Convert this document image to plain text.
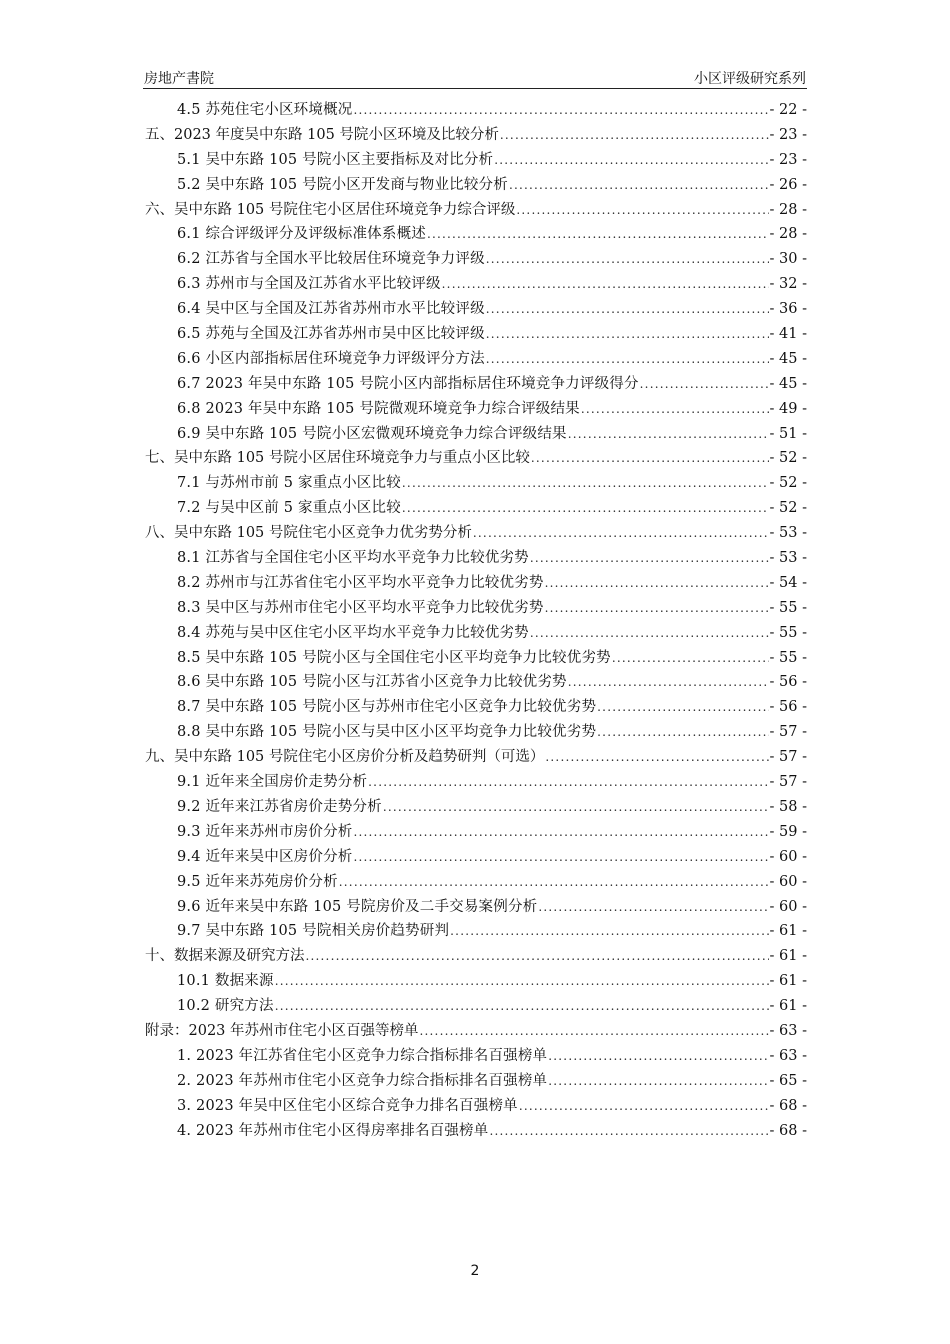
房地产書院	小区评级研究系列
4.5 苏苑住宅小区环境概况 .....	- 22 -
五、2023 年度吴中东路 105 号院小区环境及比较分析 .....	- 23 -
5.1 吴中东路 105 号院小区主要指标及对比分析 .....	- 23 -
5.2 吴中东路 105 号院小区开发商与物业比较分析 .....	- 26 -
六、吴中东路 105 号院住宅小区居住环境竞争力综合评级 .....	- 28 -
6.1 综合评级评分及评级标准体系概述 .....	- 28 -
6.2 江苏省与全国水平比较居住环境竞争力评级 .....	- 30 -
6.3 苏州市与全国及江苏省水平比较评级 .....	- 32 -
6.4 吴中区与全国及江苏省苏州市水平比较评级 .....	- 36 -
6.5 苏苑与全国及江苏省苏州市吴中区比较评级 .....	- 41 -
6.6 小区内部指标居住环境竞争力评级评分方法 .....	- 45 -
6.7 2023 年吴中东路 105 号院小区内部指标居住环境竞争力评级得分 .....	- 45 -
6.8 2023 年吴中东路 105 号院微观环境竞争力综合评级结果 .....	- 49 -
6.9 吴中东路 105 号院小区宏微观环境竞争力综合评级结果 .....	- 51 -
七、吴中东路 105 号院小区居住环境竞争力与重点小区比较 .....	- 52 -
7.1 与苏州市前 5 家重点小区比较 .....	- 52 -
7.2 与吴中区前 5 家重点小区比较 .....	- 52 -
八、吴中东路 105 号院住宅小区竞争力优劣势分析 .....	- 53 -
8.1 江苏省与全国住宅小区平均水平竞争力比较优劣势 .....	- 53 -
8.2 苏州市与江苏省住宅小区平均水平竞争力比较优劣势 .....	- 54 -
8.3 吴中区与苏州市住宅小区平均水平竞争力比较优劣势 .....	- 55 -
8.4 苏苑与吴中区住宅小区平均水平竞争力比较优劣势 .....	- 55 -
8.5 吴中东路 105 号院小区与全国住宅小区平均竞争力比较优劣势 .....	- 55 -
8.6 吴中东路 105 号院小区与江苏省小区竞争力比较优劣势 .....	- 56 -
8.7 吴中东路 105 号院小区与苏州市住宅小区竞争力比较优劣势 .....	- 56 -
8.8 吴中东路 105 号院小区与吴中区小区平均竞争力比较优劣势 .....	- 57 -
九、吴中东路 105 号院住宅小区房价分析及趋势研判（可选） .....	- 57 -
9.1 近年来全国房价走势分析 .....	- 57 -
9.2 近年来江苏省房价走势分析 .....	- 58 -
9.3 近年来苏州市房价分析 .....	- 59 -
9.4 近年来吴中区房价分析 .....	- 60 -
9.5 近年来苏苑房价分析 .....	- 60 -
9.6 近年来吴中东路 105 号院房价及二手交易案例分析 .....	- 60 -
9.7 吴中东路 105 号院相关房价趋势研判 .....	- 61 -
十、数据来源及研究方法 .....	- 61 -
10.1 数据来源 .....	- 61 -
10.2 研究方法 .....	- 61 -
附录：2023 年苏州市住宅小区百强等榜单 .....	- 63 -
1. 2023 年江苏省住宅小区竞争力综合指标排名百强榜单 .....	- 63 -
2. 2023 年苏州市住宅小区竞争力综合指标排名百强榜单 .....	- 65 -
3. 2023 年吴中区住宅小区综合竞争力排名百强榜单 .....	- 68 -
4. 2023 年苏州市住宅小区得房率排名百强榜单 .....	- 68 -
2
